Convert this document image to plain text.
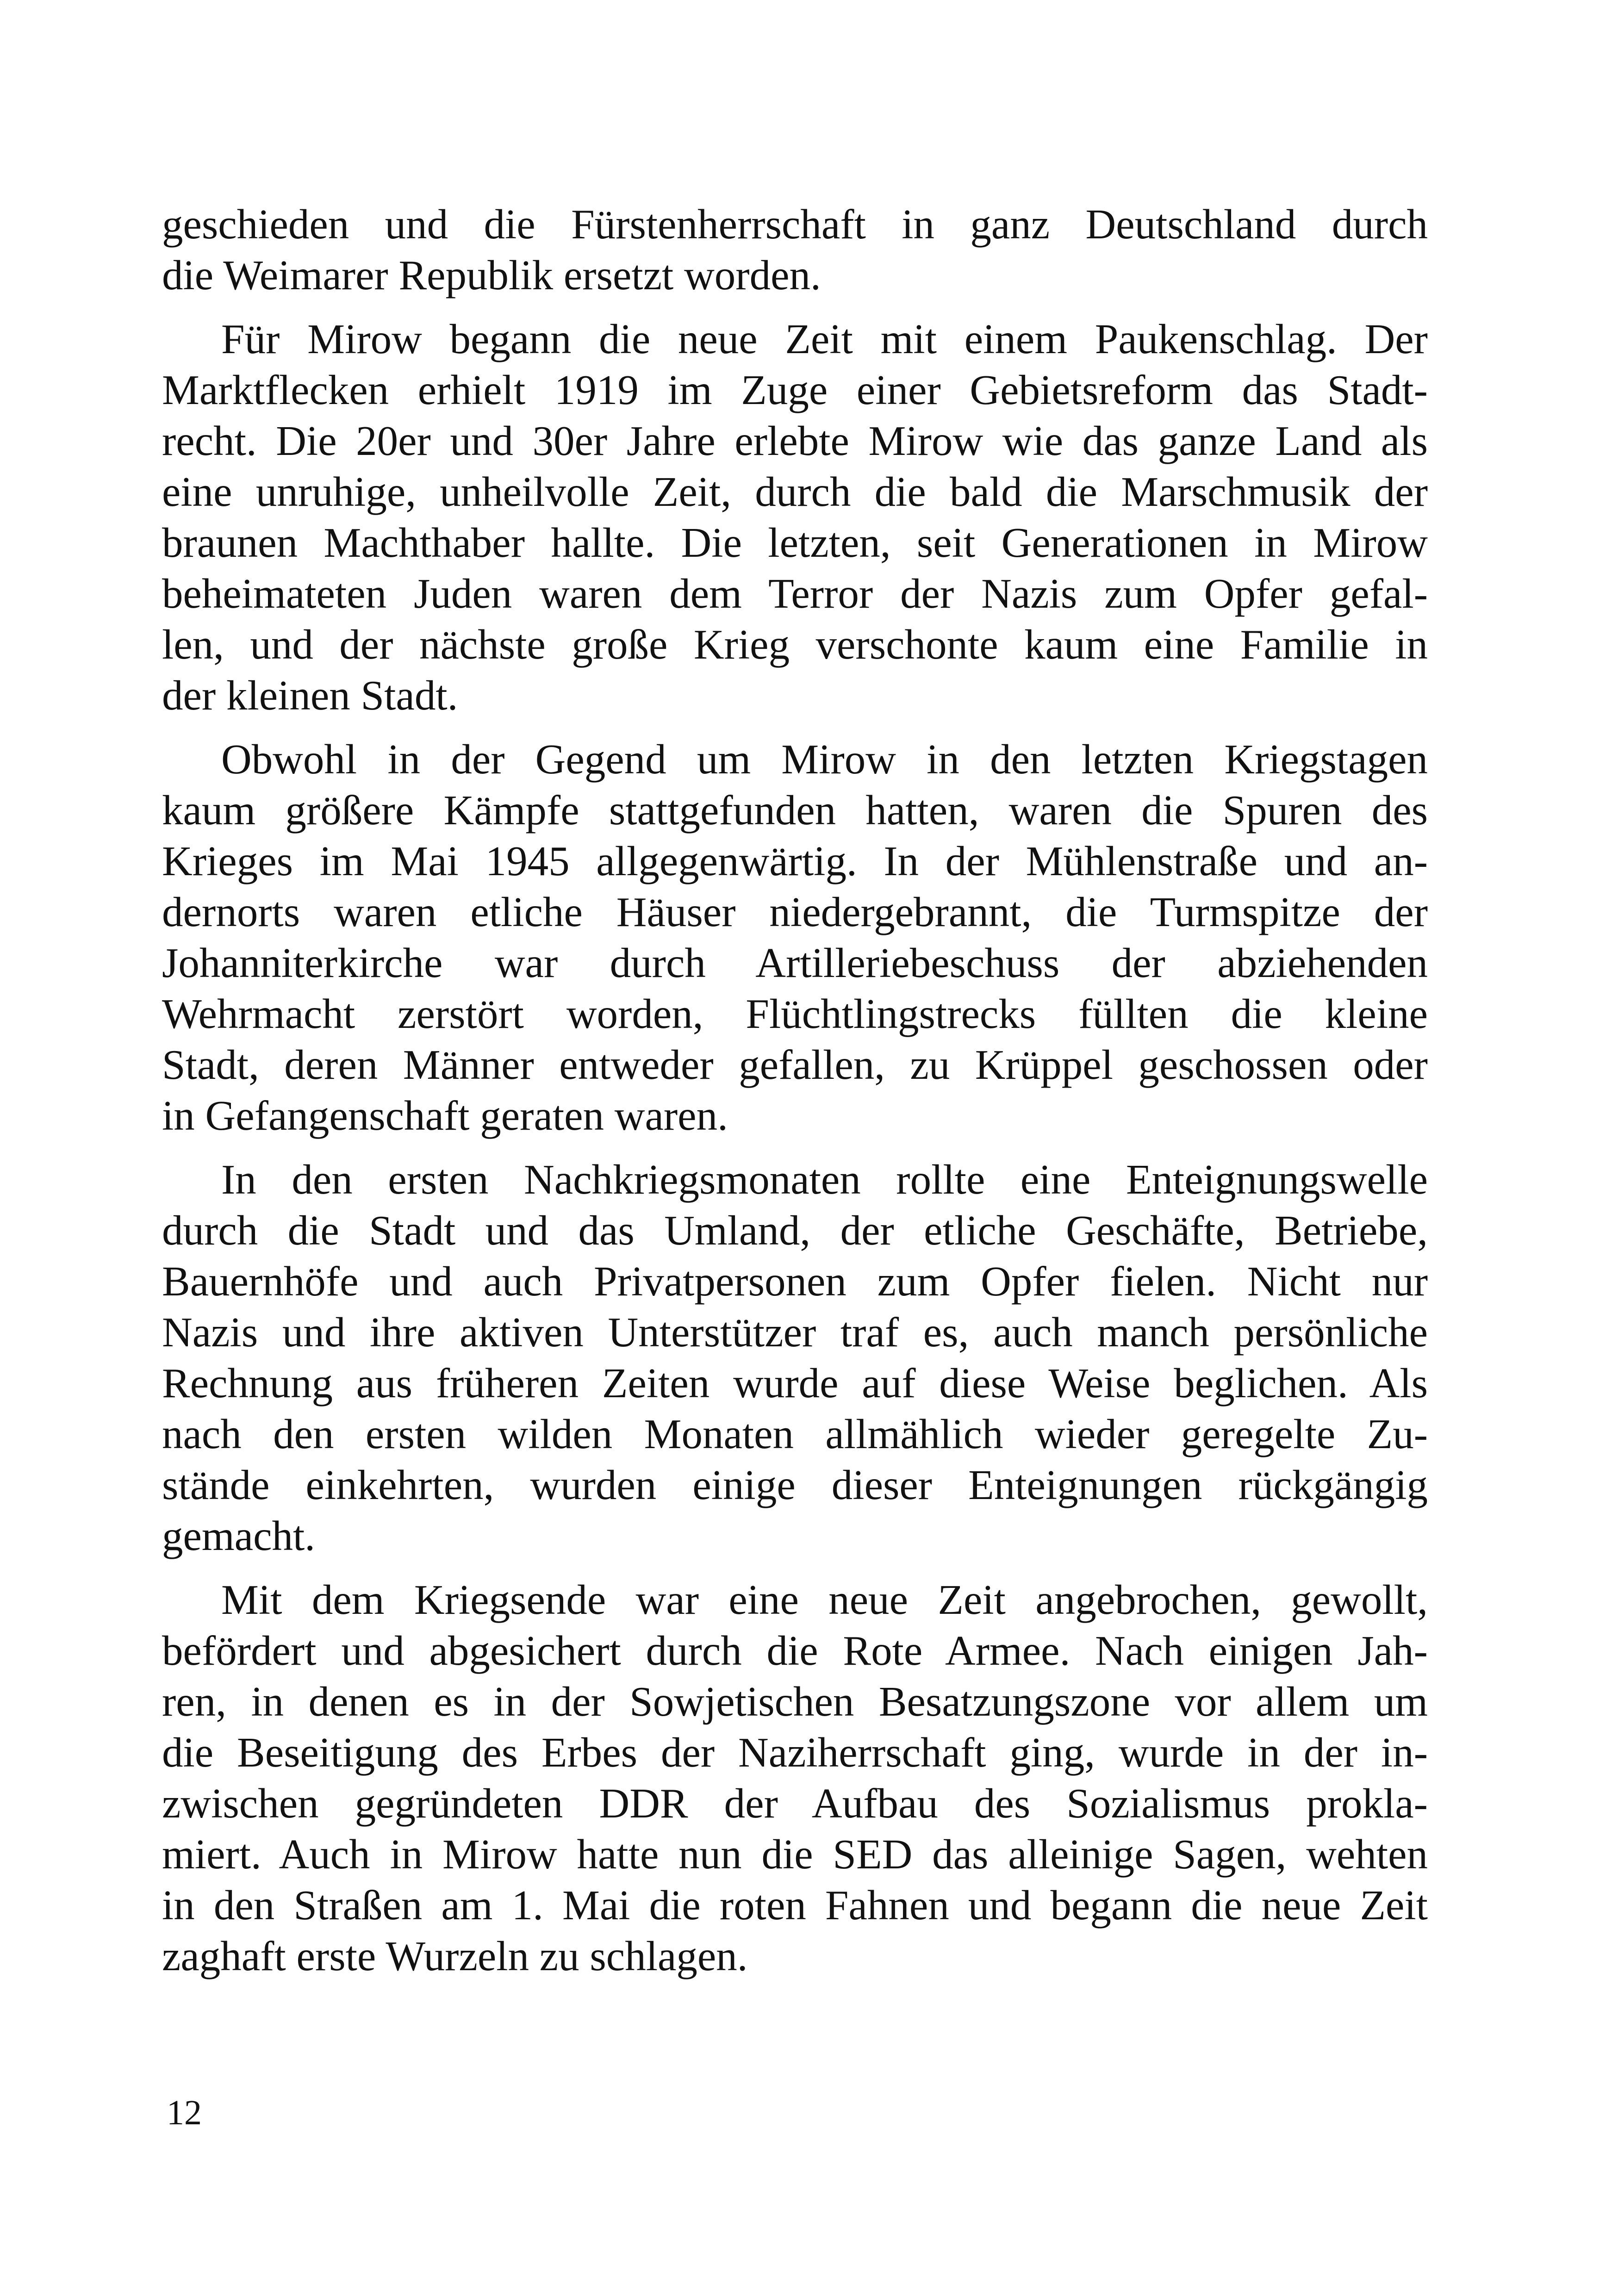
geschieden und die Fürstenherrschaft in ganz Deutschland durch
die Weimarer Republik ersetzt worden.
Für Mirow begann die neue Zeit mit einem Paukenschlag. Der
Marktflecken erhielt 1919 im Zuge einer Gebietsreform das Stadt-
recht. Die 20er und 30er Jahre erlebte Mirow wie das ganze Land als
eine unruhige, unheilvolle Zeit, durch die bald die Marschmusik der
braunen Machthaber hallte. Die letzten, seit Generationen in Mirow
beheimateten Juden waren dem Terror der Nazis zum Opfer gefal-
len, und der nächste große Krieg verschonte kaum eine Familie in
der kleinen Stadt.
Obwohl in der Gegend um Mirow in den letzten Kriegstagen
kaum größere Kämpfe stattgefunden hatten, waren die Spuren des
Krieges im Mai 1945 allgegenwärtig. In der Mühlenstraße und an-
dernorts waren etliche Häuser niedergebrannt, die Turmspitze der
Johanniterkirche war durch Artilleriebeschuss der abziehenden
Wehrmacht zerstört worden, Flüchtlingstrecks füllten die kleine
Stadt, deren Männer entweder gefallen, zu Krüppel geschossen oder
in Gefangenschaft geraten waren.
In den ersten Nachkriegsmonaten rollte eine Enteignungswelle
durch die Stadt und das Umland, der etliche Geschäfte, Betriebe,
Bauernhöfe und auch Privatpersonen zum Opfer fielen. Nicht nur
Nazis und ihre aktiven Unterstützer traf es, auch manch persönliche
Rechnung aus früheren Zeiten wurde auf diese Weise beglichen. Als
nach den ersten wilden Monaten allmählich wieder geregelte Zu-
stände einkehrten, wurden einige dieser Enteignungen rückgängig
gemacht.
Mit dem Kriegsende war eine neue Zeit angebrochen, gewollt,
befördert und abgesichert durch die Rote Armee. Nach einigen Jah-
ren, in denen es in der Sowjetischen Besatzungszone vor allem um
die Beseitigung des Erbes der Naziherrschaft ging, wurde in der in-
zwischen gegründeten DDR der Aufbau des Sozialismus prokla-
miert. Auch in Mirow hatte nun die SED das alleinige Sagen, wehten
in den Straßen am 1. Mai die roten Fahnen und begann die neue Zeit
zaghaft erste Wurzeln zu schlagen.
12
